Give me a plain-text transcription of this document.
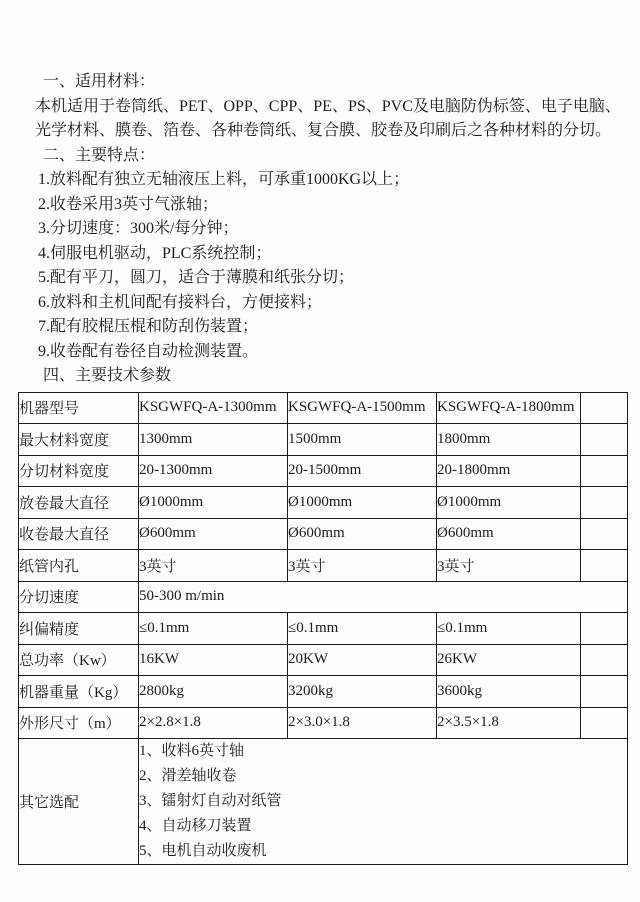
一、适用材料：

本机适用于卷筒纸、PET、OPP、CPP、PE、PS、PVC及电脑防伪标签、电子电脑、

光学材料、膜卷、箔卷、各种卷筒纸、复合膜、胶卷及印刷后之各种材料的分切。

二、主要特点：

1.放料配有独立无轴液压上料，可承重1000KG以上；

2.收卷采用3英寸气涨轴；

3.分切速度：300米/每分钟；

4.伺服电机驱动，PLC系统控制；

5.配有平刀，圆刀，适合于薄膜和纸张分切；

6.放料和主机间配有接料台，方便接料；

7.配有胶棍压棍和防刮伤装置；

9.收卷配有卷径自动检测装置。

四、主要技术参数

机器型号	KSGWFQ-A-1300mm	KSGWFQ-A-1500mm	KSGWFQ-A-1800mm	
最大材料宽度	1300mm	1500mm	1800mm	
分切材料宽度	20-1300mm	20-1500mm	20-1800mm	
放卷最大直径	Ø1000mm	Ø1000mm	Ø1000mm	
收卷最大直径	Ø600mm	Ø600mm	Ø600mm	
纸管内孔	3英寸	3英寸	3英寸	
分切速度	50-300 m/min			
纠偏精度	≤0.1mm	≤0.1mm	≤0.1mm	
总功率（Kw）	16KW	20KW	26KW	
机器重量（Kg）	2800kg	3200kg	3600kg	
外形尺寸（m）	2×2.8×1.8	2×3.0×1.8	2×3.5×1.8	
其它选配	1、收料6英寸轴

2、滑差轴收卷

3、镭射灯自动对纸管

4、自动移刀装置

5、电机自动收废机			
